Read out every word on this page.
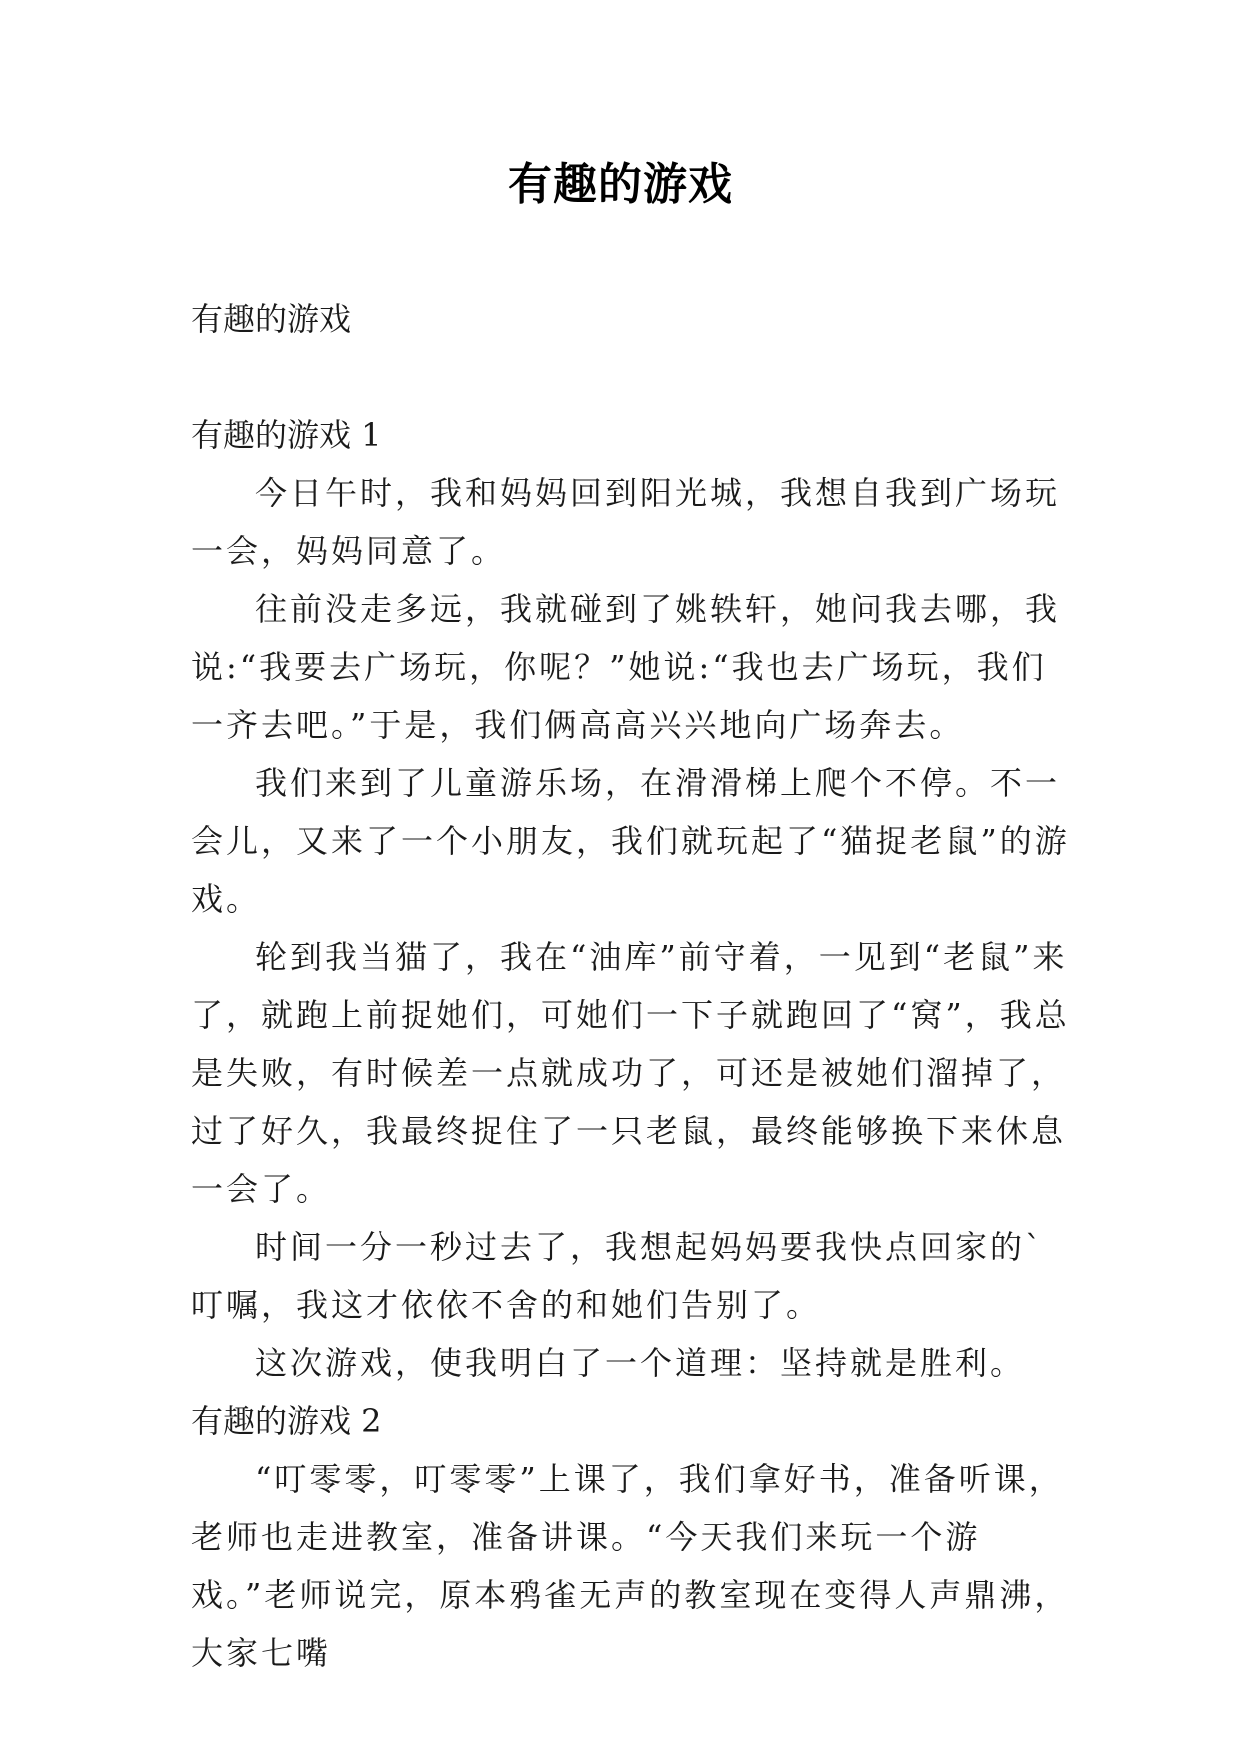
有趣的游戏

有趣的游戏

有趣的游戏 1

今日午时，我和妈妈回到阳光城，我想自我到广场玩一会，妈妈同意了。

往前没走多远，我就碰到了姚轶轩，她问我去哪，我说:“我要去广场玩，你呢？”她说:“我也去广场玩，我们一齐去吧。”于是，我们俩高高兴兴地向广场奔去。

我们来到了儿童游乐场，在滑滑梯上爬个不停。不一会儿，又来了一个小朋友，我们就玩起了“猫捉老鼠”的游戏。

轮到我当猫了，我在“油库”前守着，一见到“老鼠”来了，就跑上前捉她们，可她们一下子就跑回了“窝”，我总是失败，有时候差一点就成功了，可还是被她们溜掉了，过了好久，我最终捉住了一只老鼠，最终能够换下来休息一会了。

时间一分一秒过去了，我想起妈妈要我快点回家的`叮嘱，我这才依依不舍的和她们告别了。

这次游戏，使我明白了一个道理：坚持就是胜利。

有趣的游戏 2

“叮零零，叮零零”上课了，我们拿好书，准备听课，老师也走进教室，准备讲课。“今天我们来玩一个游戏。”老师说完，原本鸦雀无声的教室现在变得人声鼎沸，大家七嘴
